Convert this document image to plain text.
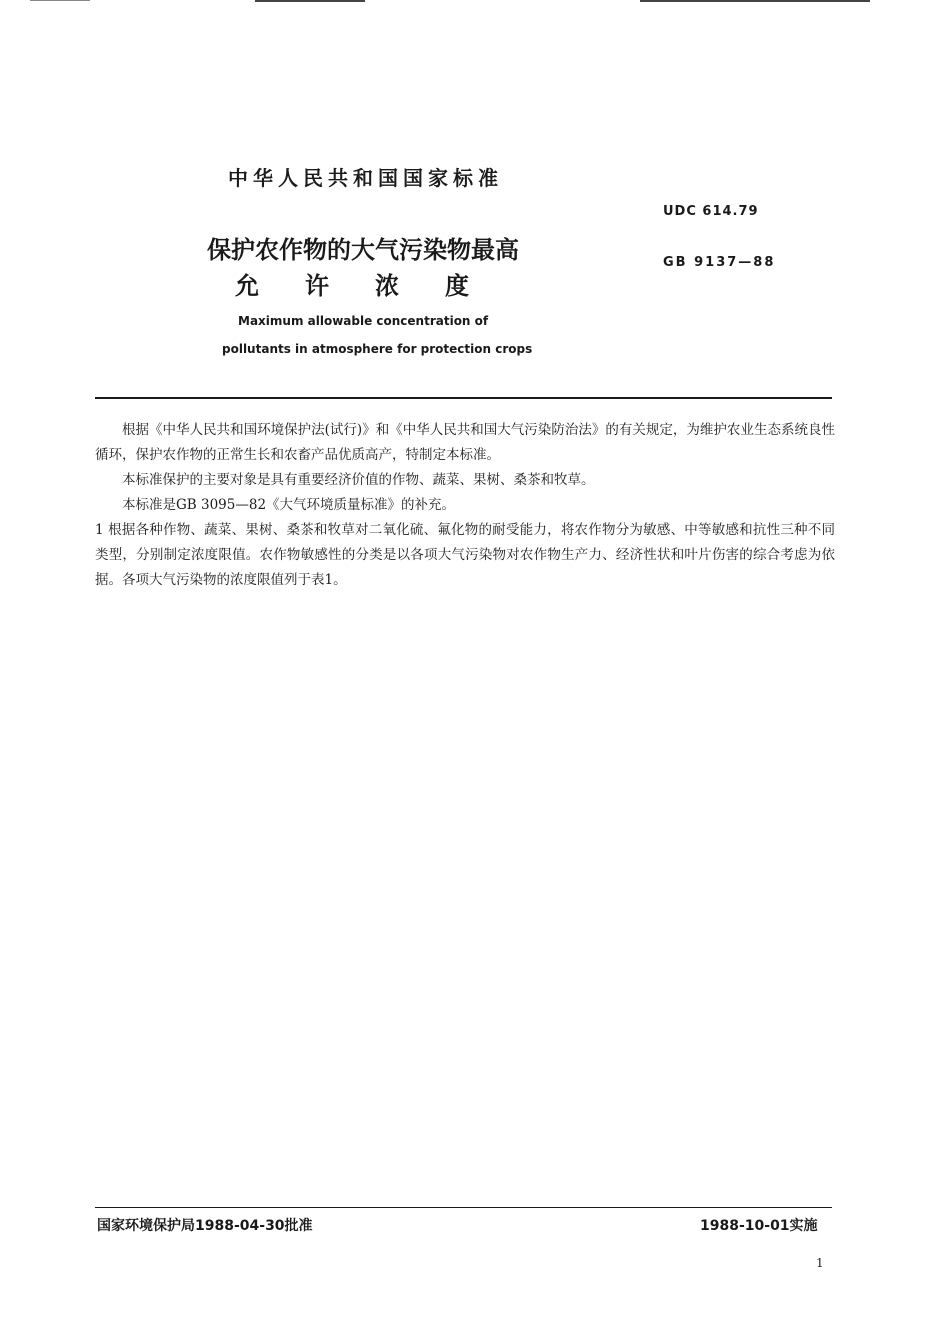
中华人民共和国国家标准
UDC 614.79
GB 9137—88
保护农作物的大气污染物最高
允许浓度
Maximum allowable concentration of
pollutants in atmosphere for protection crops

根据《中华人民共和国环境保护法(试行)》和《中华人民共和国大气污染防治法》的有关规定，为维护农业生态系统良性循环，保护农作物的正常生长和农畜产品优质高产，特制定本标准。

本标准保护的主要对象是具有重要经济价值的作物、蔬菜、果树、桑茶和牧草。

本标准是GB 3095—82《大气环境质量标准》的补充。

1 根据各种作物、蔬菜、果树、桑茶和牧草对二氧化硫、氟化物的耐受能力，将农作物分为敏感、中等敏感和抗性三种不同类型，分别制定浓度限值。农作物敏感性的分类是以各项大气污染物对农作物生产力、经济性状和叶片伤害的综合考虑为依据。各项大气污染物的浓度限值列于表1。

国家环境保护局1988-04-30批准	1988-10-01实施
1
